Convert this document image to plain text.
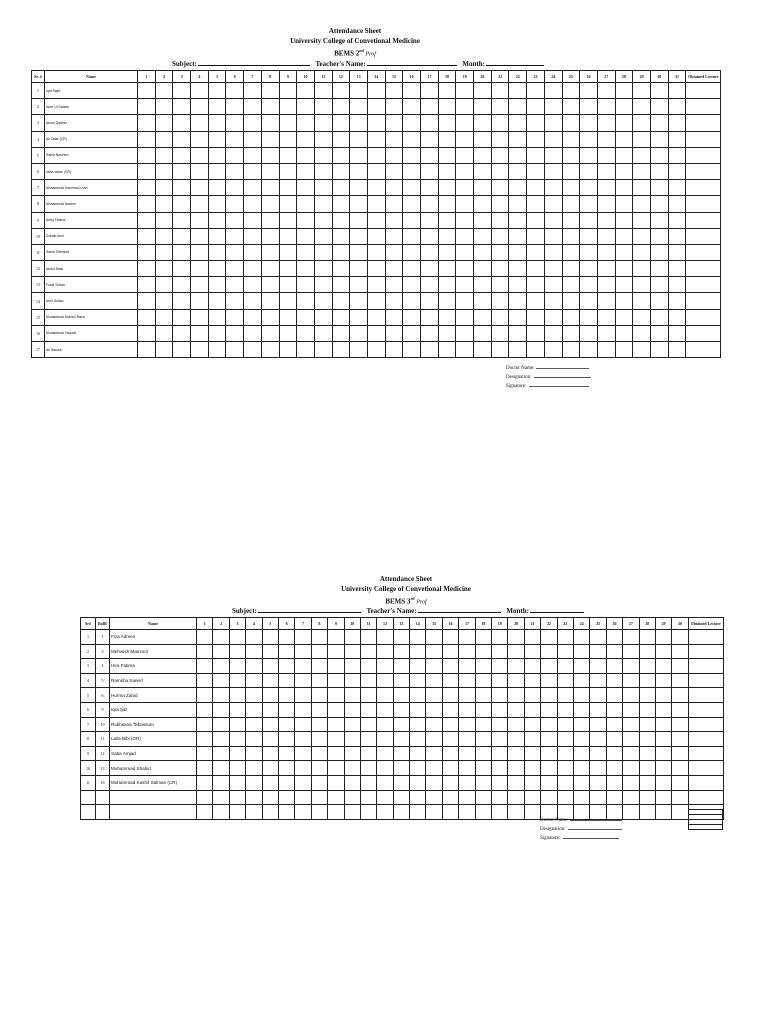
Attendance Sheet
University College of Convetional Medicine
BEMS 2nd Prof
Subject:	Teacher's Name:	Month:
Sr. #	Name	1	2	3	4	5	6	7	8	9	10	11	12	13	14	15	16	17	18	19	20	21	22	23	24	25	26	27	28	29	30	31	Obtained Lecture
1	Iqra Sajid																																
2	Noor Ul Sabam																																
3	Abdul Qadeer																																
4	Ali Zafar (CR)																																
5	Rabia Naseem																																
6	Iaiba sahar (GR)																																
7	Muhammad Hammad Khan																																
8	Muhammad Naeem																																
9	Areej Fatima																																
10	Zubaib Amir																																
11	Sabia Shehzad																																
12	Abdul Basit																																
13	Fozal Sultan																																
14	Amir Sultan																																
15	Muhammad Mohsin Raza																																
16	Muhammad Yaqoob																																
17	Ali Hamza																																
Doctor Name:
Designation:
Signature:
Attendance Sheet
University College of Convetional Medicine
BEMS 3rd Prof
Subject:	Teacher's Name:	Month:
Sr#	Roll#	Name	1	2	3	4	5	6	7	8	9	10	11	12	13	14	15	16	17	18	19	20	21	22	23	24	25	26	27	28	29	30	Obtained Lecture
1	1	Fiza Adrees																															
2	3	Mehwish Manzoor																															
3	4	Hira Fatima																															
4	5	Ramsha Saeed																															
5	6	Hurma Zahid																															
6	9	Iqra Ijaz																															
7	10	Rukhsana Tabassum																															
8	11	Laila Bibi (GR)																															
9	12	Saba Amjad																															
10	13	Muhammad Shahid																															
11	16	Muhammad Kashif Salman (CR)																															

Doctor Name:
Designation:
Signature:
